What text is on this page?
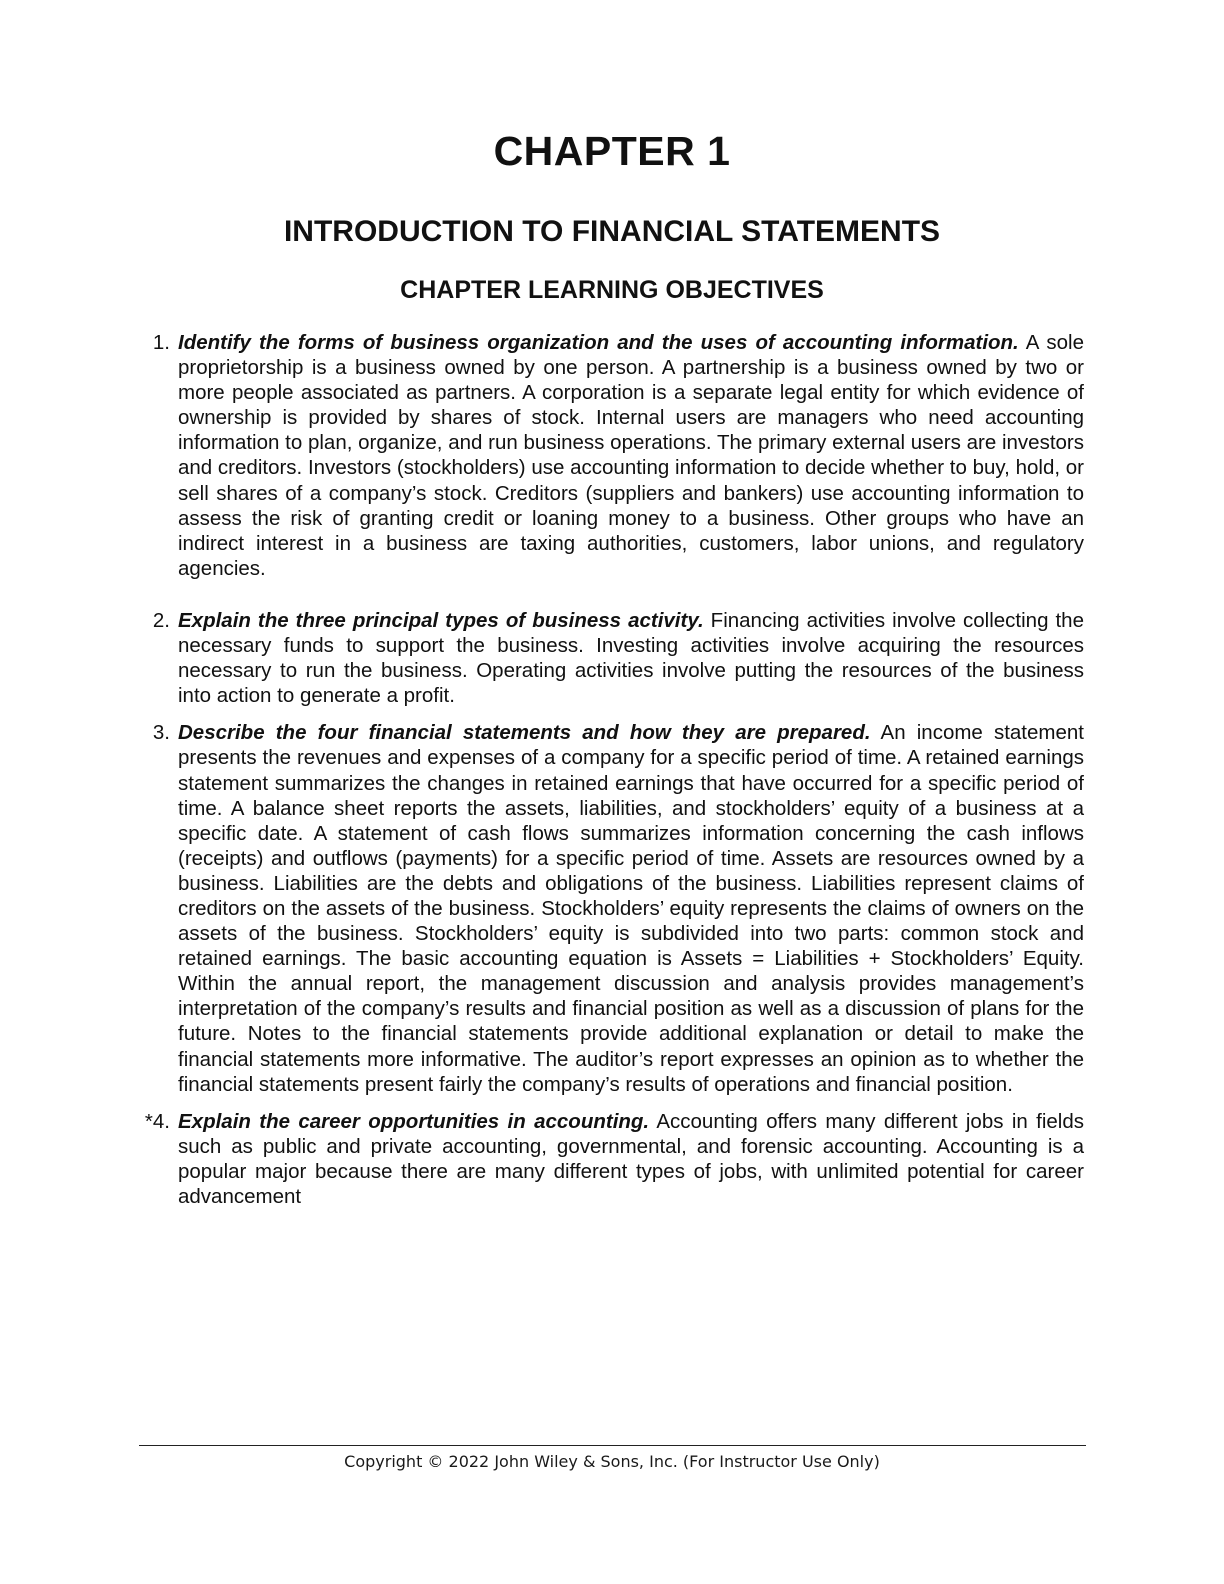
CHAPTER 1
INTRODUCTION TO FINANCIAL STATEMENTS
CHAPTER LEARNING OBJECTIVES
1. Identify the forms of business organization and the uses of accounting information. A sole proprietorship is a business owned by one person. A partnership is a business owned by two or more people associated as partners. A corporation is a separate legal entity for which evidence of ownership is provided by shares of stock. Internal users are managers who need accounting information to plan, organize, and run business operations. The primary external users are investors and creditors. Investors (stockholders) use accounting information to decide whether to buy, hold, or sell shares of a company’s stock. Creditors (suppliers and bankers) use accounting information to assess the risk of granting credit or loaning money to a business. Other groups who have an indirect interest in a business are taxing authorities, customers, labor unions, and regulatory agencies.
2. Explain the three principal types of business activity. Financing activities involve collecting the necessary funds to support the business. Investing activities involve acquiring the resources necessary to run the business. Operating activities involve putting the resources of the business into action to generate a profit.
3. Describe the four financial statements and how they are prepared. An income statement presents the revenues and expenses of a company for a specific period of time. A retained earnings statement summarizes the changes in retained earnings that have occurred for a specific period of time. A balance sheet reports the assets, liabilities, and stockholders’ equity of a business at a specific date. A statement of cash flows summarizes information concerning the cash inflows (receipts) and outflows (payments) for a specific period of time. Assets are resources owned by a business. Liabilities are the debts and obligations of the business. Liabilities represent claims of creditors on the assets of the business. Stockholders’ equity represents the claims of owners on the assets of the business. Stockholders’ equity is subdivided into two parts: common stock and retained earnings. The basic accounting equation is Assets = Liabilities + Stockholders’ Equity. Within the annual report, the management discussion and analysis provides management’s interpretation of the company’s results and financial position as well as a discussion of plans for the future. Notes to the financial statements provide additional explanation or detail to make the financial statements more informative. The auditor’s report expresses an opinion as to whether the financial statements present fairly the company’s results of operations and financial position.
*4. Explain the career opportunities in accounting. Accounting offers many different jobs in fields such as public and private accounting, governmental, and forensic accounting. Accounting is a popular major because there are many different types of jobs, with unlimited potential for career advancement
Copyright © 2022 John Wiley & Sons, Inc. (For Instructor Use Only)
